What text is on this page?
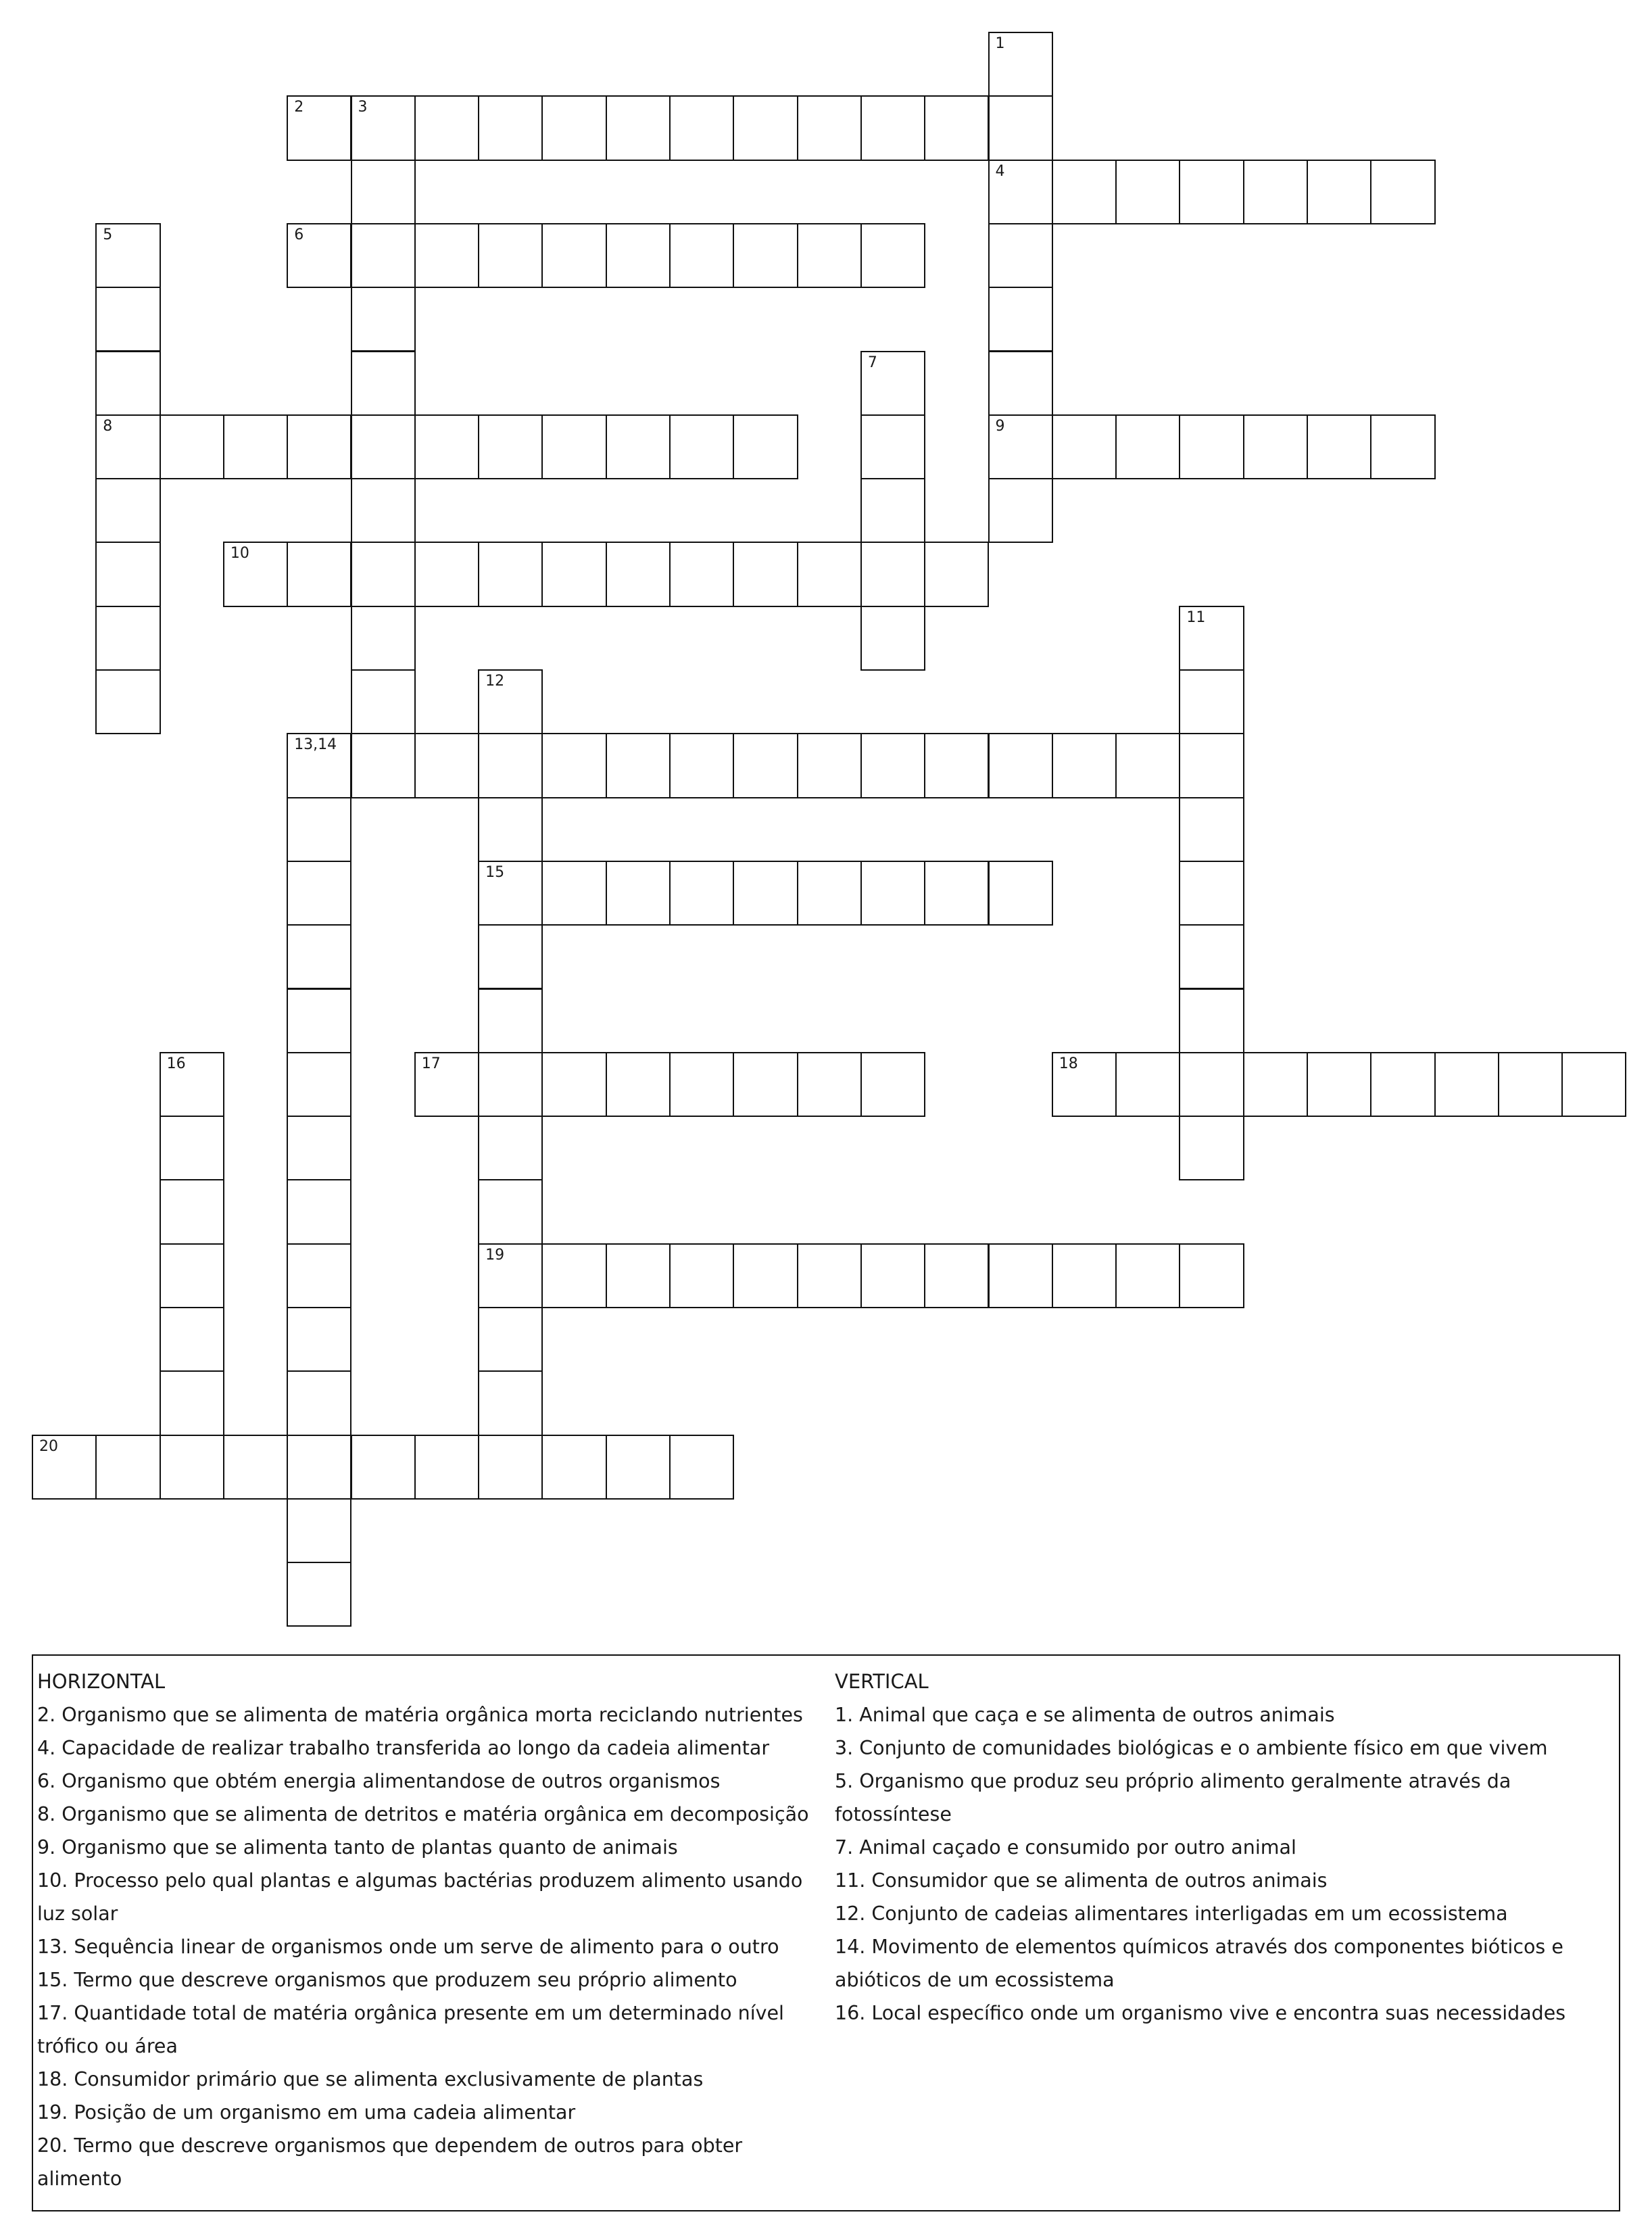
1
4
9
2	3
5
8
6
7
10
11
12
15
19
13,14
16	17	18
20
HORIZONTAL
2. Organismo que se alimenta de matéria orgânica morta reciclando nutrientes
4. Capacidade de realizar trabalho transferida ao longo da cadeia alimentar
6. Organismo que obtém energia alimentandose de outros organismos
8. Organismo que se alimenta de detritos e matéria orgânica em decomposição
9. Organismo que se alimenta tanto de plantas quanto de animais
10. Processo pelo qual plantas e algumas bactérias produzem alimento usando luz solar
13. Sequência linear de organismos onde um serve de alimento para o outro
15. Termo que descreve organismos que produzem seu próprio alimento
17. Quantidade total de matéria orgânica presente em um determinado nível trófico ou área
18. Consumidor primário que se alimenta exclusivamente de plantas
19. Posição de um organismo em uma cadeia alimentar
20. Termo que descreve organismos que dependem de outros para obter alimento
VERTICAL
1. Animal que caça e se alimenta de outros animais
3. Conjunto de comunidades biológicas e o ambiente físico em que vivem
5. Organismo que produz seu próprio alimento geralmente através da fotossíntese
7. Animal caçado e consumido por outro animal
11. Consumidor que se alimenta de outros animais
12. Conjunto de cadeias alimentares interligadas em um ecossistema
14. Movimento de elementos químicos através dos componentes bióticos e abióticos de um ecossistema
16. Local específico onde um organismo vive e encontra suas necessidades
